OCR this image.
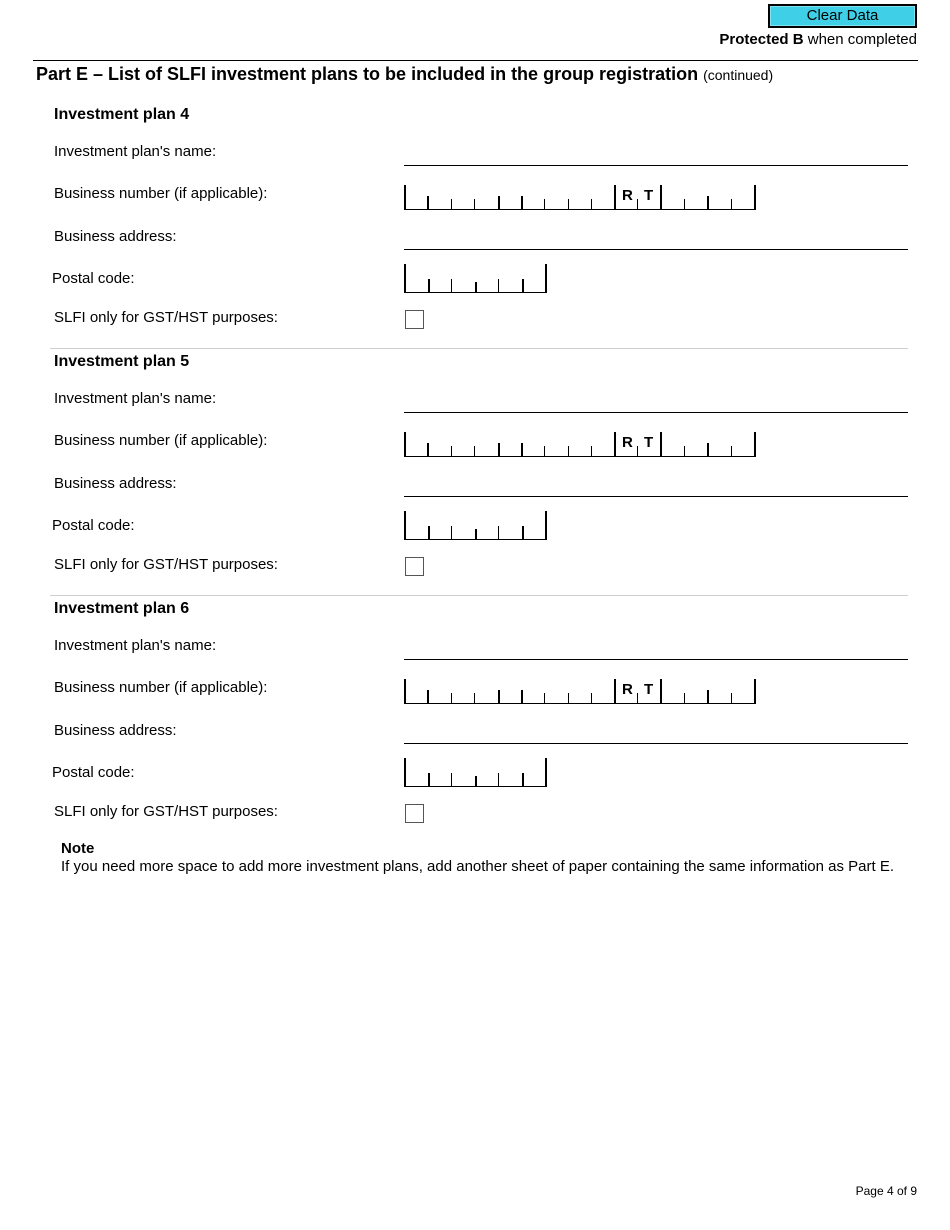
Clear Data
Protected B when completed
Part E – List of SLFI investment plans to be included in the group registration (continued)
Investment plan 4
Investment plan's name:
Business number (if applicable):	R T
Business address:
Postal code:
SLFI only for GST/HST purposes:
Investment plan 5
Investment plan's name:
Business number (if applicable):	R T
Business address:
Postal code:
SLFI only for GST/HST purposes:
Investment plan 6
Investment plan's name:
Business number (if applicable):	R T
Business address:
Postal code:
SLFI only for GST/HST purposes:
Note
If you need more space to add more investment plans, add another sheet of paper containing the same information as Part E.
Page 4 of 9
